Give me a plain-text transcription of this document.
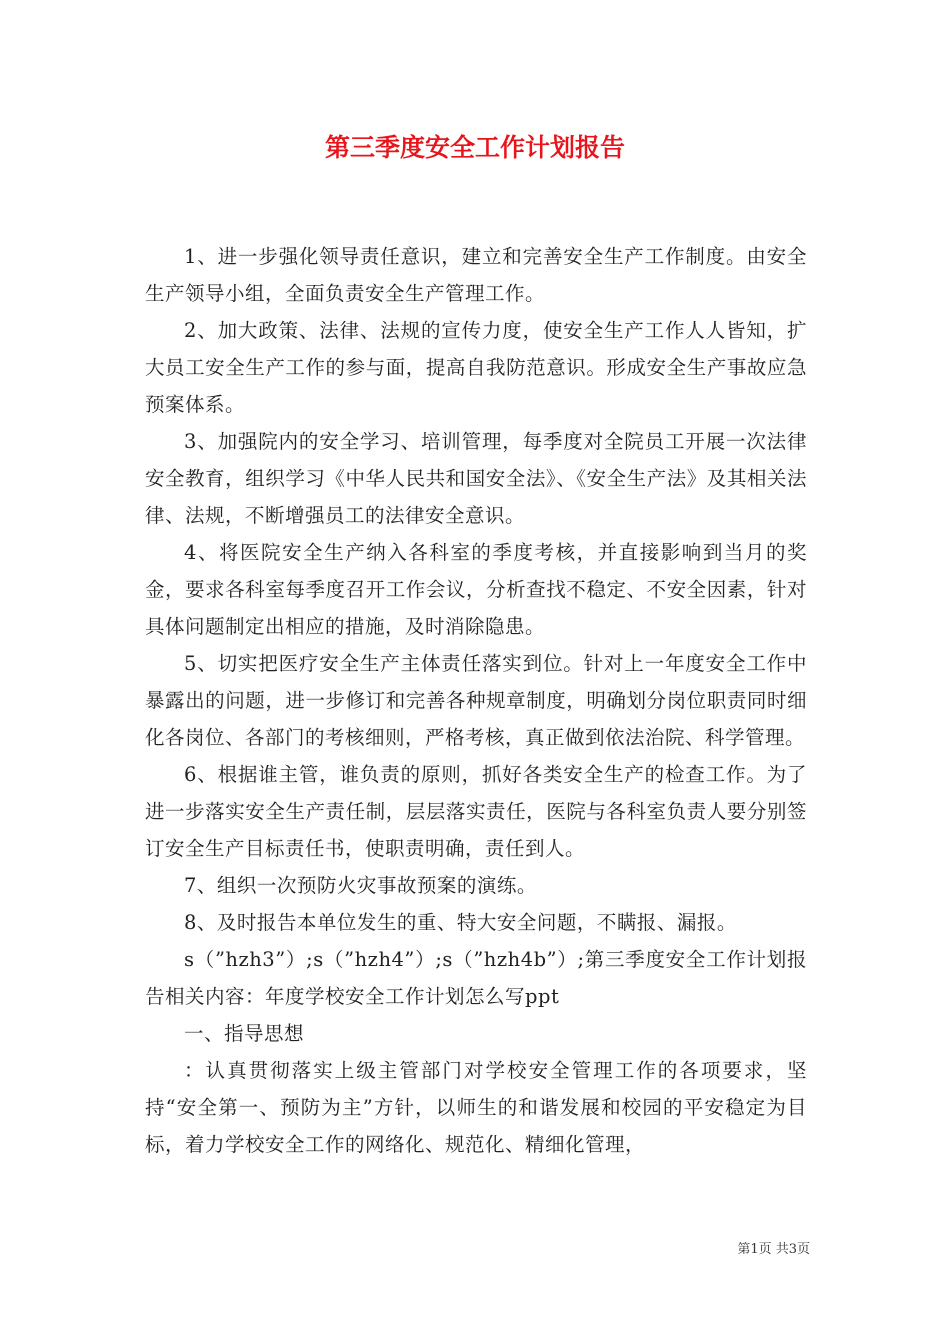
第三季度安全工作计划报告

1、进一步强化领导责任意识，建立和完善安全生产工作制度。由安全生产领导小组，全面负责安全生产管理工作。

2、加大政策、法律、法规的宣传力度，使安全生产工作人人皆知，扩大员工安全生产工作的参与面，提高自我防范意识。形成安全生产事故应急预案体系。

3、加强院内的安全学习、培训管理，每季度对全院员工开展一次法律安全教育，组织学习《中华人民共和国安全法》、《安全生产法》及其相关法律、法规，不断增强员工的法律安全意识。

4、将医院安全生产纳入各科室的季度考核，并直接影响到当月的奖金，要求各科室每季度召开工作会议，分析查找不稳定、不安全因素，针对具体问题制定出相应的措施，及时消除隐患。

5、切实把医疗安全生产主体责任落实到位。针对上一年度安全工作中暴露出的问题，进一步修订和完善各种规章制度，明确划分岗位职责同时细化各岗位、各部门的考核细则，严格考核，真正做到依法治院、科学管理。

6、根据谁主管，谁负责的原则，抓好各类安全生产的检查工作。为了进一步落实安全生产责任制，层层落实责任，医院与各科室负责人要分别签订安全生产目标责任书，使职责明确，责任到人。

7、组织一次预防火灾事故预案的演练。

8、及时报告本单位发生的重、特大安全问题，不瞒报、漏报。

s（”hzh3”）;s（”hzh4”）;s（”hzh4b”）;第三季度安全工作计划报告相关内容：年度学校安全工作计划怎么写ppt

一、指导思想

：认真贯彻落实上级主管部门对学校安全管理工作的各项要求，坚持“安全第一、预防为主”方针，以师生的和谐发展和校园的平安稳定为目标，着力学校安全工作的网络化、规范化、精细化管理，

第1页 共3页
